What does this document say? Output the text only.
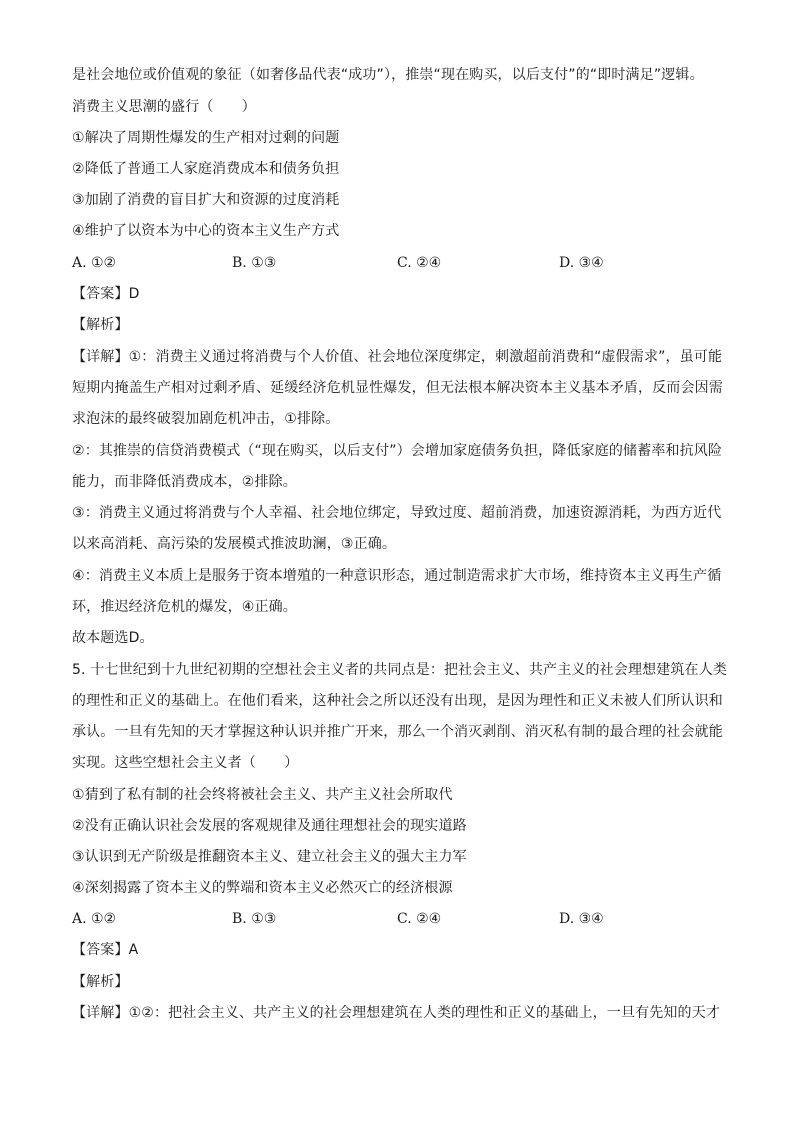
是社会地位或价值观的象征（如奢侈品代表“成功”），推崇“现在购买，以后支付”的“即时满足”逻辑。
消费主义思潮的盛行（　　）
①解决了周期性爆发的生产相对过剩的问题
②降低了普通工人家庭消费成本和债务负担
③加剧了消费的盲目扩大和资源的过度消耗
④维护了以资本为中心的资本主义生产方式
A. ①②	B. ①③	C. ②④	D. ③④
【答案】D
【解析】
【详解】①：消费主义通过将消费与个人价值、社会地位深度绑定，刺激超前消费和“虚假需求”，虽可能
短期内掩盖生产相对过剩矛盾、延缓经济危机显性爆发，但无法根本解决资本主义基本矛盾，反而会因需
求泡沫的最终破裂加剧危机冲击，①排除。
②：其推崇的信贷消费模式（“现在购买，以后支付”）会增加家庭债务负担，降低家庭的储蓄率和抗风险
能力，而非降低消费成本，②排除。
③：消费主义通过将消费与个人幸福、社会地位绑定，导致过度、超前消费，加速资源消耗，为西方近代
以来高消耗、高污染的发展模式推波助澜，③正确。
④：消费主义本质上是服务于资本增殖的一种意识形态，通过制造需求扩大市场，维持资本主义再生产循
环，推迟经济危机的爆发，④正确。
故本题选D。
5. 十七世纪到十九世纪初期的空想社会主义者的共同点是：把社会主义、共产主义的社会理想建筑在人类
的理性和正义的基础上。在他们看来，这种社会之所以还没有出现，是因为理性和正义未被人们所认识和
承认。一旦有先知的天才掌握这种认识并推广开来，那么一个消灭剥削、消灭私有制的最合理的社会就能
实现。这些空想社会主义者（　　）
①猜到了私有制的社会终将被社会主义、共产主义社会所取代
②没有正确认识社会发展的客观规律及通往理想社会的现实道路
③认识到无产阶级是推翻资本主义、建立社会主义的强大主力军
④深刻揭露了资本主义的弊端和资本主义必然灭亡的经济根源
A. ①②	B. ①③	C. ②④	D. ③④
【答案】A
【解析】
【详解】①②：把社会主义、共产主义的社会理想建筑在人类的理性和正义的基础上，一旦有先知的天才
